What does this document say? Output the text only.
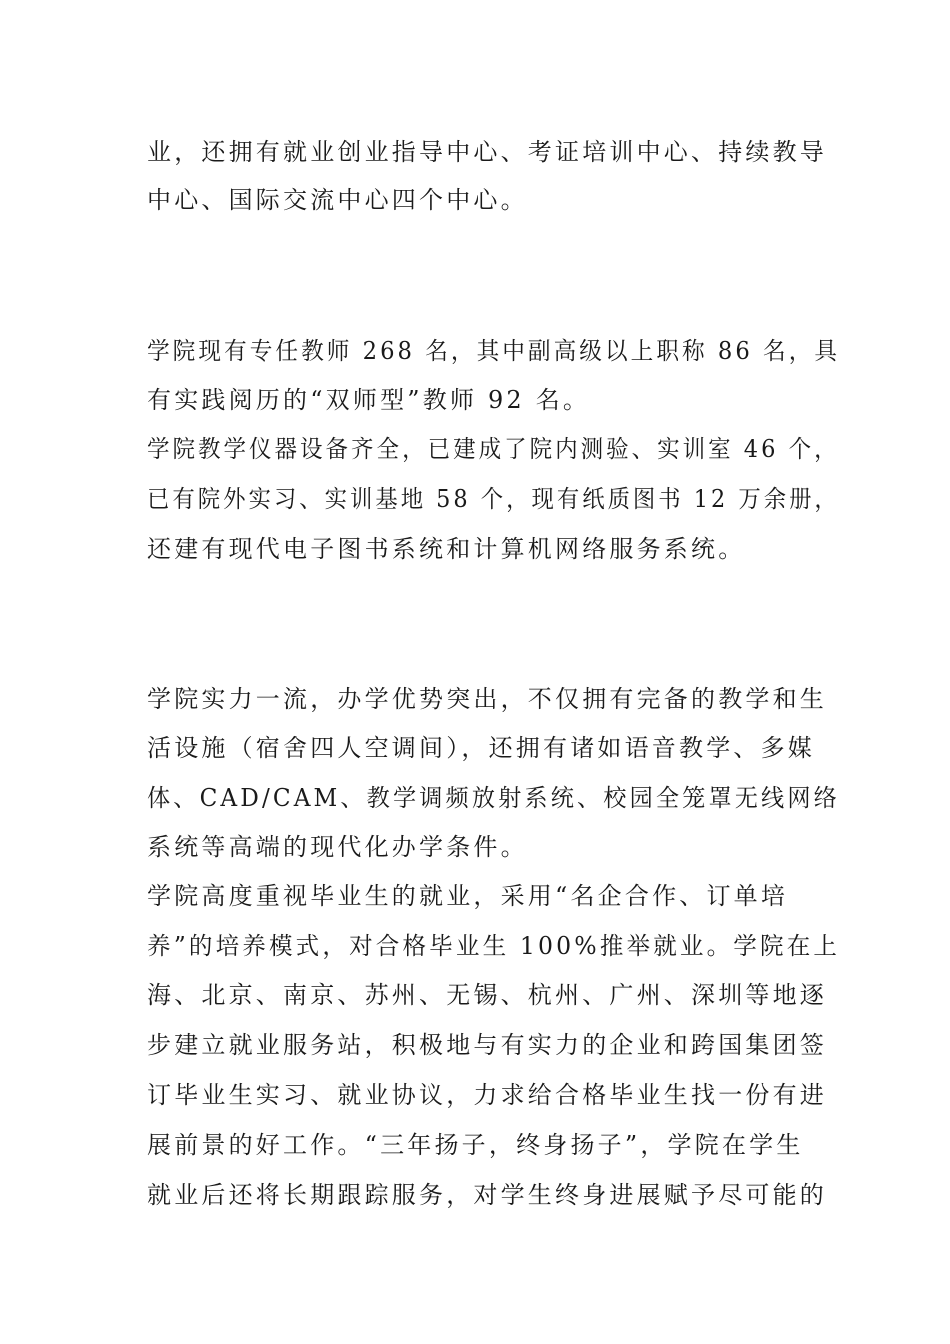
业，还拥有就业创业指导中心、考证培训中心、持续教导
中心、国际交流中心四个中心。
学院现有专任教师 268 名，其中副高级以上职称 86 名，具
有实践阅历的“双师型”教师 92 名。
学院教学仪器设备齐全，已建成了院内测验、实训室 46 个，
已有院外实习、实训基地 58 个，现有纸质图书 12 万余册，
还建有现代电子图书系统和计算机网络服务系统。
学院实力一流，办学优势突出，不仅拥有完备的教学和生
活设施（宿舍四人空调间），还拥有诸如语音教学、多媒
体、CAD/CAM、教学调频放射系统、校园全笼罩无线网络
系统等高端的现代化办学条件。
学院高度重视毕业生的就业，采用“名企合作、订单培
养”的培养模式，对合格毕业生 100%推举就业。学院在上
海、北京、南京、苏州、无锡、杭州、广州、深圳等地逐
步建立就业服务站，积极地与有实力的企业和跨国集团签
订毕业生实习、就业协议，力求给合格毕业生找一份有进
展前景的好工作。“三年扬子，终身扬子”，学院在学生
就业后还将长期跟踪服务，对学生终身进展赋予尽可能的
